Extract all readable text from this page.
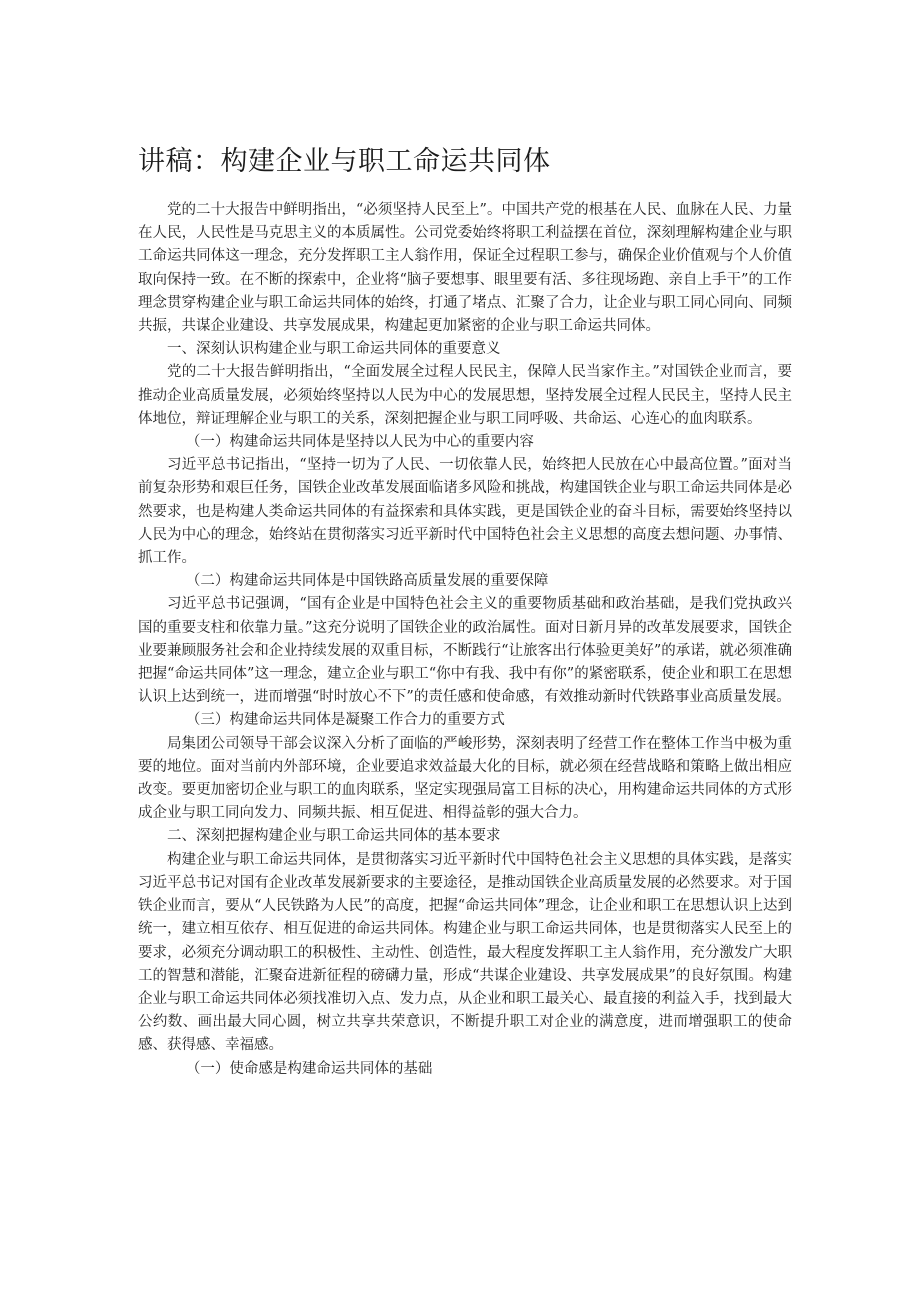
讲稿：构建企业与职工命运共同体

党的二十大报告中鲜明指出，“必须坚持人民至上”。中国共产党的根基在人民、血脉在人民、力量在人民，人民性是马克思主义的本质属性。公司党委始终将职工利益摆在首位，深刻理解构建企业与职工命运共同体这一理念，充分发挥职工主人翁作用，保证全过程职工参与，确保企业价值观与个人价值取向保持一致。在不断的探索中，企业将“脑子要想事、眼里要有活、多往现场跑、亲自上手干”的工作理念贯穿构建企业与职工命运共同体的始终，打通了堵点、汇聚了合力，让企业与职工同心同向、同频共振，共谋企业建设、共享发展成果，构建起更加紧密的企业与职工命运共同体。

一、深刻认识构建企业与职工命运共同体的重要意义

党的二十大报告鲜明指出，“全面发展全过程人民民主，保障人民当家作主。”对国铁企业而言，要推动企业高质量发展，必须始终坚持以人民为中心的发展思想，坚持发展全过程人民民主，坚持人民主体地位，辩证理解企业与职工的关系，深刻把握企业与职工同呼吸、共命运、心连心的血肉联系。

（一）构建命运共同体是坚持以人民为中心的重要内容

习近平总书记指出，“坚持一切为了人民、一切依靠人民，始终把人民放在心中最高位置。”面对当前复杂形势和艰巨任务，国铁企业改革发展面临诸多风险和挑战，构建国铁企业与职工命运共同体是必然要求，也是构建人类命运共同体的有益探索和具体实践，更是国铁企业的奋斗目标，需要始终坚持以人民为中心的理念，始终站在贯彻落实习近平新时代中国特色社会主义思想的高度去想问题、办事情、抓工作。

（二）构建命运共同体是中国铁路高质量发展的重要保障

习近平总书记强调，“国有企业是中国特色社会主义的重要物质基础和政治基础，是我们党执政兴国的重要支柱和依靠力量。”这充分说明了国铁企业的政治属性。面对日新月异的改革发展要求，国铁企业要兼顾服务社会和企业持续发展的双重目标，不断践行“让旅客出行体验更美好”的承诺，就必须准确把握“命运共同体”这一理念，建立企业与职工“你中有我、我中有你”的紧密联系，使企业和职工在思想认识上达到统一，进而增强“时时放心不下”的责任感和使命感，有效推动新时代铁路事业高质量发展。

（三）构建命运共同体是凝聚工作合力的重要方式

局集团公司领导干部会议深入分析了面临的严峻形势，深刻表明了经营工作在整体工作当中极为重要的地位。面对当前内外部环境，企业要追求效益最大化的目标，就必须在经营战略和策略上做出相应改变。要更加密切企业与职工的血肉联系，坚定实现强局富工目标的决心，用构建命运共同体的方式形成企业与职工同向发力、同频共振、相互促进、相得益彰的强大合力。

二、深刻把握构建企业与职工命运共同体的基本要求

构建企业与职工命运共同体，是贯彻落实习近平新时代中国特色社会主义思想的具体实践，是落实习近平总书记对国有企业改革发展新要求的主要途径，是推动国铁企业高质量发展的必然要求。对于国铁企业而言，要从“人民铁路为人民”的高度，把握“命运共同体”理念，让企业和职工在思想认识上达到统一，建立相互依存、相互促进的命运共同体。构建企业与职工命运共同体，也是贯彻落实人民至上的要求，必须充分调动职工的积极性、主动性、创造性，最大程度发挥职工主人翁作用，充分激发广大职工的智慧和潜能，汇聚奋进新征程的磅礴力量，形成“共谋企业建设、共享发展成果”的良好氛围。构建企业与职工命运共同体必须找准切入点、发力点，从企业和职工最关心、最直接的利益入手，找到最大公约数、画出最大同心圆，树立共享共荣意识，不断提升职工对企业的满意度，进而增强职工的使命感、获得感、幸福感。

（一）使命感是构建命运共同体的基础
